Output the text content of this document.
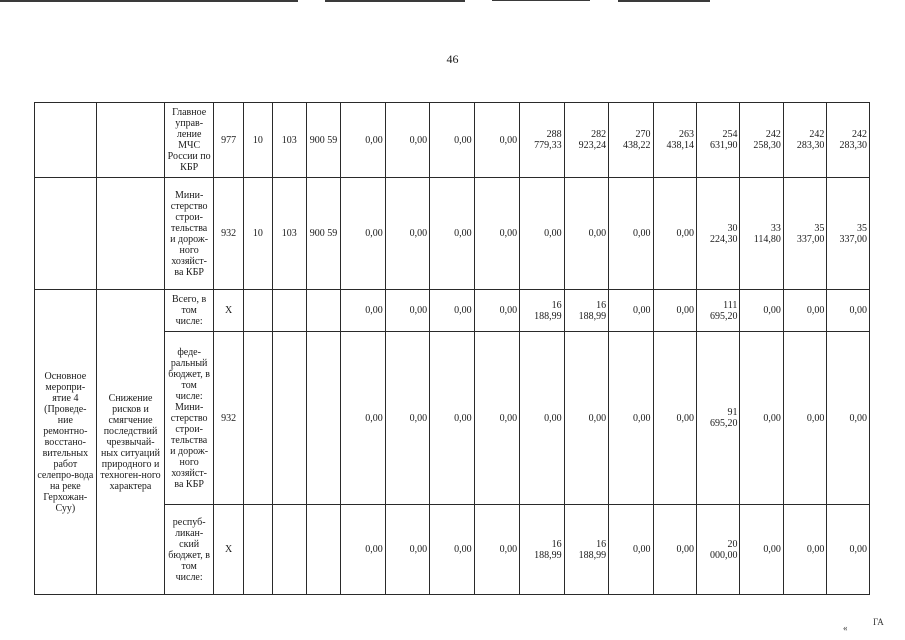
46
		Главное управ-ление МЧС России по КБР	977	10	103	900 59	0,00	0,00	0,00	0,00	288 779,33	282 923,24	270 438,22	263 438,14	254 631,90	242 258,30	242 283,30	242 283,30
		Мини-стерство строи-тельства и дорож-ного хозяйст-ва КБР	932	10	103	900 59	0,00	0,00	0,00	0,00	0,00	0,00	0,00	0,00	30 224,30	33 114,80	35 337,00	35 337,00
Основное меропри-ятие 4 (Проведе-ние ремонтно-восстано-вительных работ селепро-вода на реке Герхожан-Суу)	Снижение рисков и смягчение последствий чрезвычай-ных ситуаций природного и техноген-ного характера	Всего, в том числе:	Х				0,00	0,00	0,00	0,00	16 188,99	16 188,99	0,00	0,00	111 695,20	0,00	0,00	0,00
		феде-ральный бюджет, в том числе: Мини-стерство строи-тельства и дорож-ного хозяйст-ва КБР	932				0,00	0,00	0,00	0,00	0,00	0,00	0,00	0,00	91 695,20	0,00	0,00	0,00
		респуб-ликан-ский бюджет, в том числе:	Х				0,00	0,00	0,00	0,00	16 188,99	16 188,99	0,00	0,00	20 000,00	0,00	0,00	0,00
«
ГА
